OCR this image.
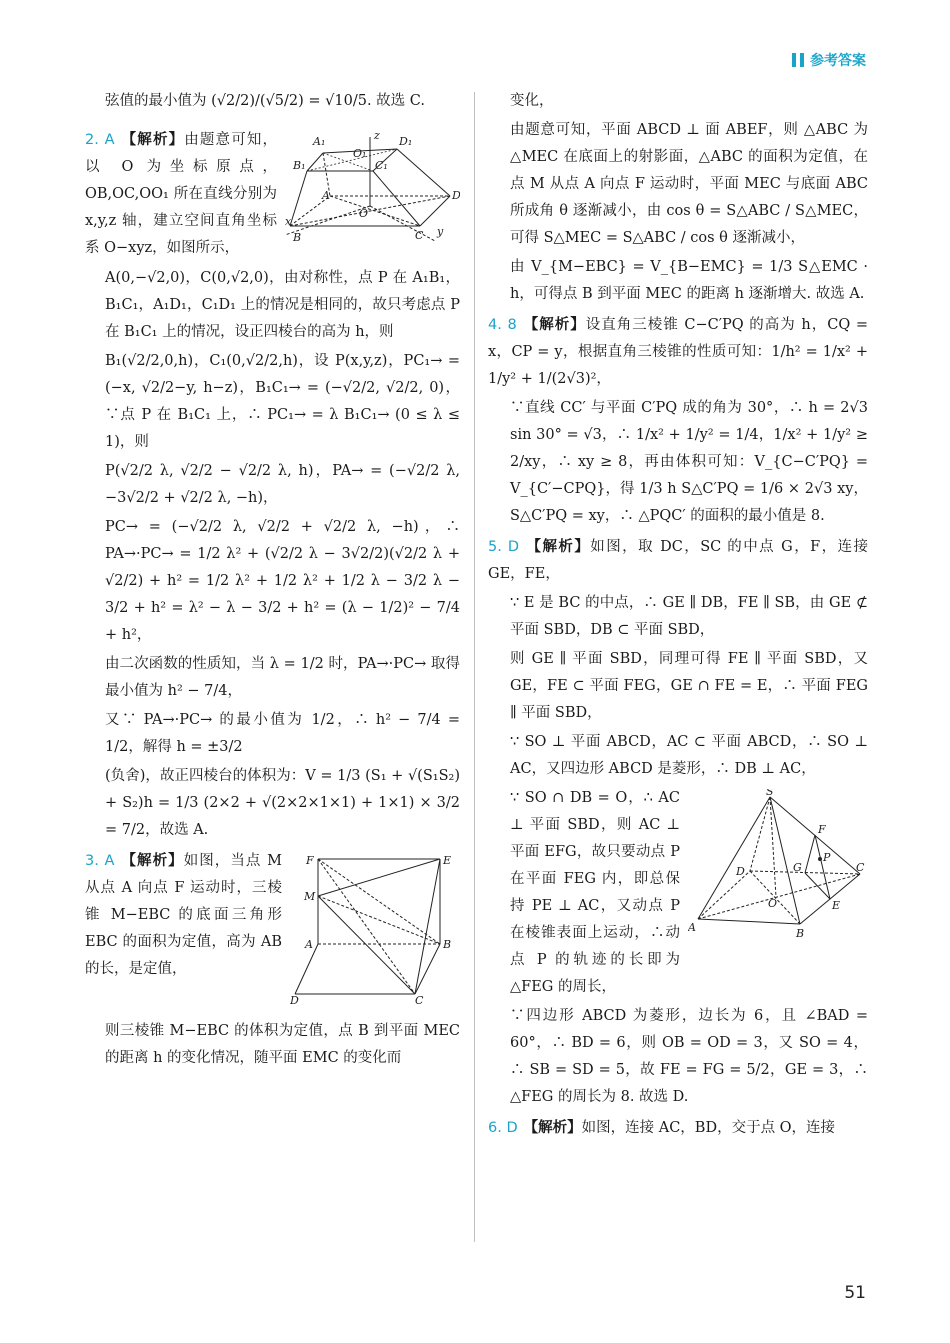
参考答案

弦值的最小值为 (√2/2)/(√5/2) = √10/5. 故选 C.

A₁	D₁
B₁	C₁
O₁
z
A	D
O
x
B	C y

2. A 【解析】由题意可知，以 O 为坐标原点，OB,OC,OO₁ 所在直线分别为 x,y,z 轴，建立空间直角坐标系 O−xyz，如图所示，

A(0,−√2,0)，C(0,√2,0)，由对称性，点 P 在 A₁B₁，B₁C₁，A₁D₁，C₁D₁ 上的情况是相同的，故只考虑点 P 在 B₁C₁ 上的情况，设正四棱台的高为 h，则

B₁(√2/2,0,h)，C₁(0,√2/2,h)，设 P(x,y,z)，PC₁→ = (−x, √2/2−y, h−z)，B₁C₁→ = (−√2/2, √2/2, 0)，∵点 P 在 B₁C₁ 上，∴ PC₁→ = λ B₁C₁→ (0 ≤ λ ≤ 1)，则

P(√2/2 λ, √2/2 − √2/2 λ, h)，PA→ = (−√2/2 λ, −3√2/2 + √2/2 λ, −h)，

PC→ = (−√2/2 λ, √2/2 + √2/2 λ, −h)，∴ PA→·PC→ = 1/2 λ² + (√2/2 λ − 3√2/2)(√2/2 λ + √2/2) + h² = 1/2 λ² + 1/2 λ² + 1/2 λ − 3/2 λ − 3/2 + h² = λ² − λ − 3/2 + h² = (λ − 1/2)² − 7/4 + h²，

由二次函数的性质知，当 λ = 1/2 时，PA→·PC→ 取得最小值为 h² − 7/4，

又∵ PA→·PC→ 的最小值为 1/2，∴ h² − 7/4 = 1/2，解得 h = ±3/2

(负舍)，故正四棱台的体积为：V = 1/3 (S₁ + √(S₁S₂) + S₂)h = 1/3 (2×2 + √(2×2×1×1) + 1×1) × 3/2 = 7/2，故选 A.

F	E
M
A	B
D	C

3. A 【解析】如图，当点 M 从点 A 向点 F 运动时，三棱锥 M−EBC 的底面三角形 EBC 的面积为定值，高为 AB 的长，是定值，

则三棱锥 M−EBC 的体积为定值，点 B 到平面 MEC 的距离 h 的变化情况，随平面 EMC 的变化而

变化，

由题意可知，平面 ABCD ⊥ 面 ABEF，则 △ABC 为 △MEC 在底面上的射影面，△ABC 的面积为定值，在点 M 从点 A 向点 F 运动时，平面 MEC 与底面 ABC 所成角 θ 逐渐减小，由 cos θ = S△ABC / S△MEC，可得 S△MEC = S△ABC / cos θ 逐渐减小，

由 V_{M−EBC} = V_{B−EMC} = 1/3 S△EMC · h，可得点 B 到平面 MEC 的距离 h 逐渐增大. 故选 A.

4. 8 【解析】设直角三棱锥 C−C′PQ 的高为 h，CQ = x，CP = y，根据直角三棱锥的性质可知：1/h² = 1/x² + 1/y² + 1/(2√3)²，

∵直线 CC′ 与平面 C′PQ 成的角为 30°，∴ h = 2√3 sin 30° = √3，∴ 1/x² + 1/y² = 1/4，1/x² + 1/y² ≥ 2/xy，∴ xy ≥ 8，再由体积可知：V_{C−C′PQ} = V_{C′−CPQ}，得 1/3 h S△C′PQ = 1/6 × 2√3 xy，S△C′PQ = xy，∴ △PQC′ 的面积的最小值是 8.

5. D 【解析】如图，取 DC，SC 的中点 G，F，连接 GE，FE，

∵ E 是 BC 的中点，∴ GE ∥ DB，FE ∥ SB，由 GE ⊄ 平面 SBD，DB ⊂ 平面 SBD，

则 GE ∥ 平面 SBD，同理可得 FE ∥ 平面 SBD，又 GE，FE ⊂ 平面 FEG，GE ∩ FE = E，∴ 平面 FEG ∥ 平面 SBD，

∵ SO ⊥ 平面 ABCD，AC ⊂ 平面 ABCD，∴ SO ⊥ AC，又四边形 ABCD 是菱形，∴ DB ⊥ AC，

S
F
G
P
D
O
C
E
A	B

∵ SO ∩ DB = O，∴ AC ⊥ 平面 SBD，则 AC ⊥ 平面 EFG，故只要动点 P 在平面 FEG 内，即总保持 PE ⊥ AC，又动点 P 在棱锥表面上运动，∴动点 P 的轨迹的长即为 △FEG 的周长，

∵四边形 ABCD 为菱形，边长为 6，且 ∠BAD = 60°，∴ BD = 6，则 OB = OD = 3，又 SO = 4，∴ SB = SD = 5，故 FE = FG = 5/2，GE = 3，∴ △FEG 的周长为 8. 故选 D.

6. D 【解析】如图，连接 AC，BD，交于点 O，连接

51
